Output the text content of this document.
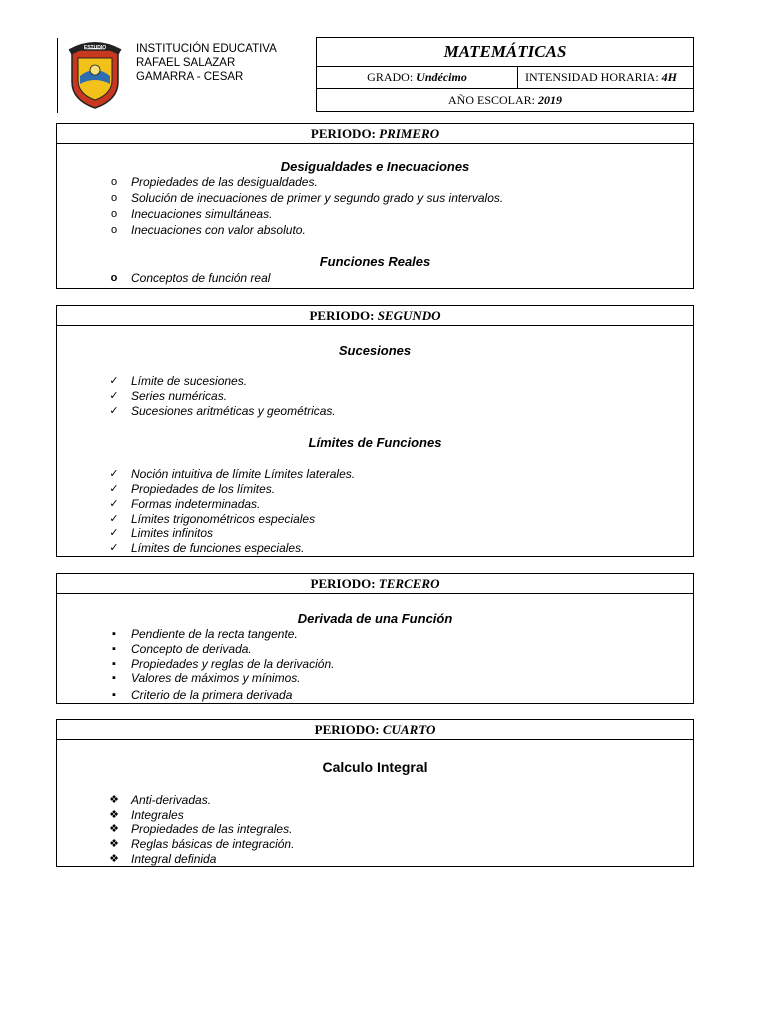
ESTUDIO	INSTITUCIÓN EDUCATIVA
RAFAEL SALAZAR
GAMARRA - CESAR
MATEMÁTICAS
GRADO: Undécimo	INTENSIDAD HORARIA: 4H
AÑO ESCOLAR: 2019
PERIODO: PRIMERO
Desigualdades e Inecuaciones
o	Propiedades de las desigualdades.
o	Solución de inecuaciones de primer y segundo grado y sus intervalos.
o	Inecuaciones simultáneas.
o	Inecuaciones con valor absoluto.
Funciones Reales
o	Conceptos de función real
PERIODO: SEGUNDO
Sucesiones
✓ Límite de sucesiones.
✓ Series numéricas.
✓ Sucesiones aritméticas y geométricas.
Límites de Funciones
✓ Noción intuitiva de límite Límites laterales.
✓ Propiedades de los límites.
✓ Formas indeterminadas.
✓ Límites trigonométricos especiales
✓ Limites infinitos
✓ Límites de funciones especiales.
PERIODO: TERCERO
Derivada de una Función
▪	Pendiente de la recta tangente.
▪	Concepto de derivada.
▪	Propiedades y reglas de la derivación.
▪	Valores de máximos y mínimos.
▪	Criterio de la primera derivada
PERIODO: CUARTO
Calculo Integral
❖ Anti-derivadas.
❖ Integrales
❖ Propiedades de las integrales.
❖ Reglas básicas de integración.
❖ Integral definida
